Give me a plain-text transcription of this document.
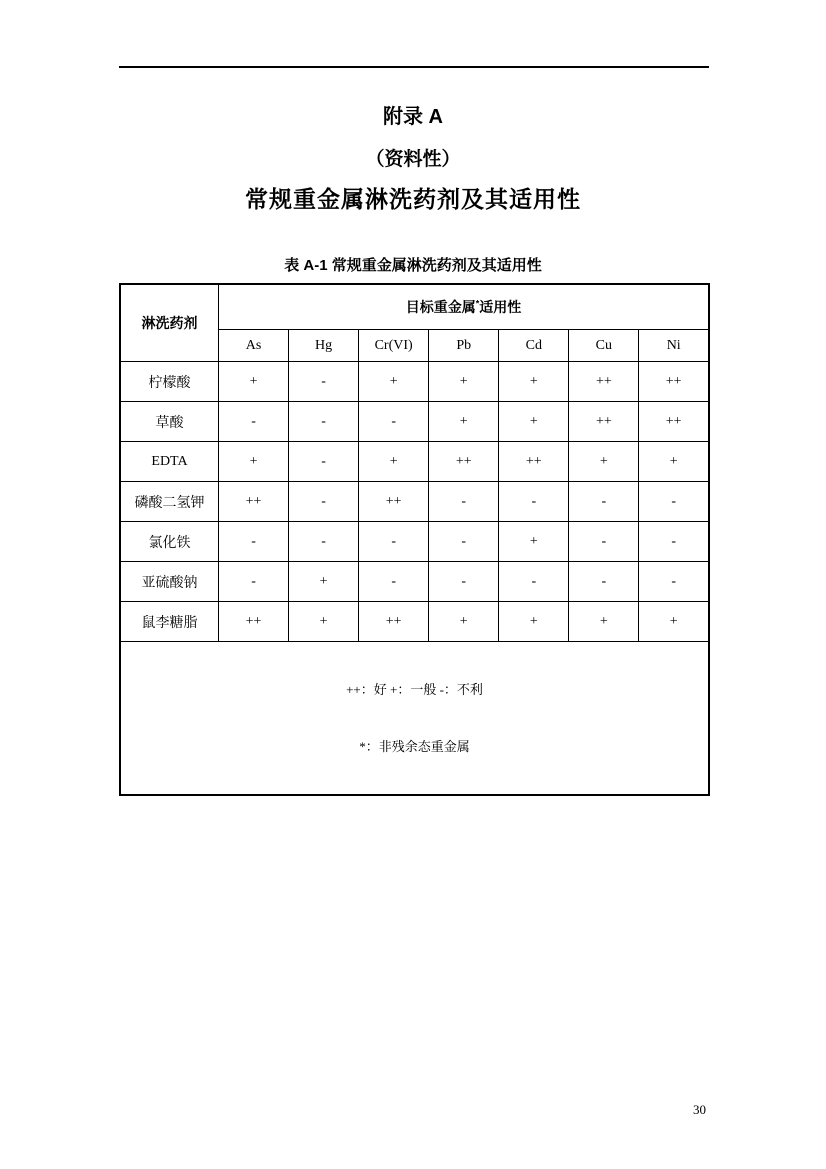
附录 A
（资料性）
常规重金属淋洗药剂及其适用性
表 A-1 常规重金属淋洗药剂及其适用性
淋洗药剂	目标重金属*适用性						
	As	Hg	Cr(VI)	Pb	Cd	Cu	Ni
柠檬酸	+	-	+	+	+	++	++
草酸	-	-	-	+	+	++	++
EDTA	+	-	+	++	++	+	+
磷酸二氢钾	++	-	++	-	-	-	-
氯化铁	-	-	-	-	+	-	-
亚硫酸钠	-	+	-	-	-	-	-
鼠李糖脂	++	+	++	+	+	+	+

++：好 +：一般 -：不利

*：非残余态重金属							

30
